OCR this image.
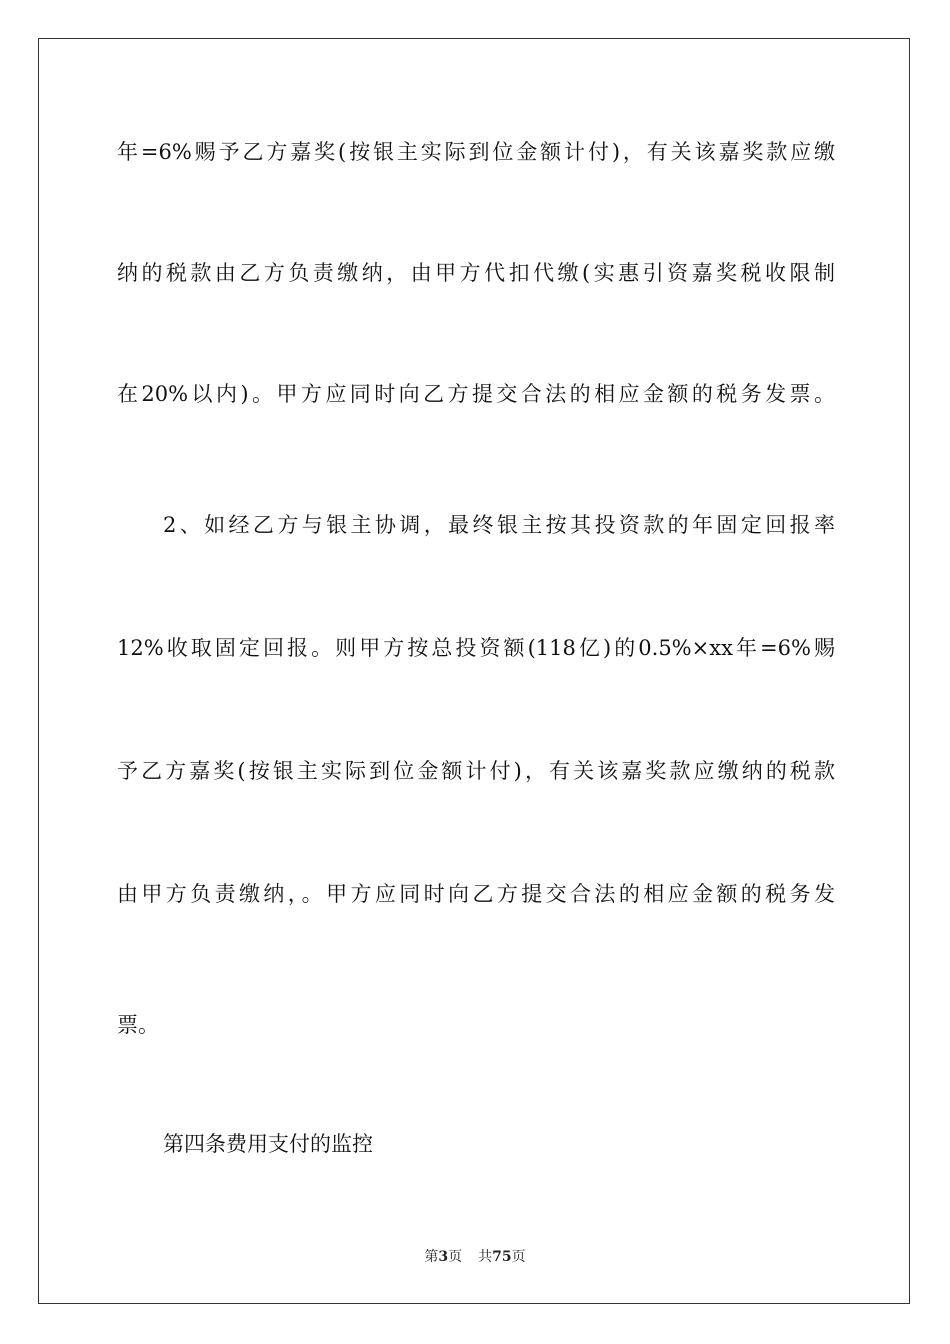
年=6%赐予乙方嘉奖(按银主实际到位金额计付)，有关该嘉奖款应缴
纳的税款由乙方负责缴纳，由甲方代扣代缴(实惠引资嘉奖税收限制
在20%以内)。甲方应同时向乙方提交合法的相应金额的税务发票。
2、如经乙方与银主协调，最终银主按其投资款的年固定回报率
12%收取固定回报。则甲方按总投资额(118亿)的0.5%×xx年=6%赐
予乙方嘉奖(按银主实际到位金额计付)，有关该嘉奖款应缴纳的税款
由甲方负责缴纳，。甲方应同时向乙方提交合法的相应金额的税务发
票。
第四条费用支付的监控
第3页 共75页
